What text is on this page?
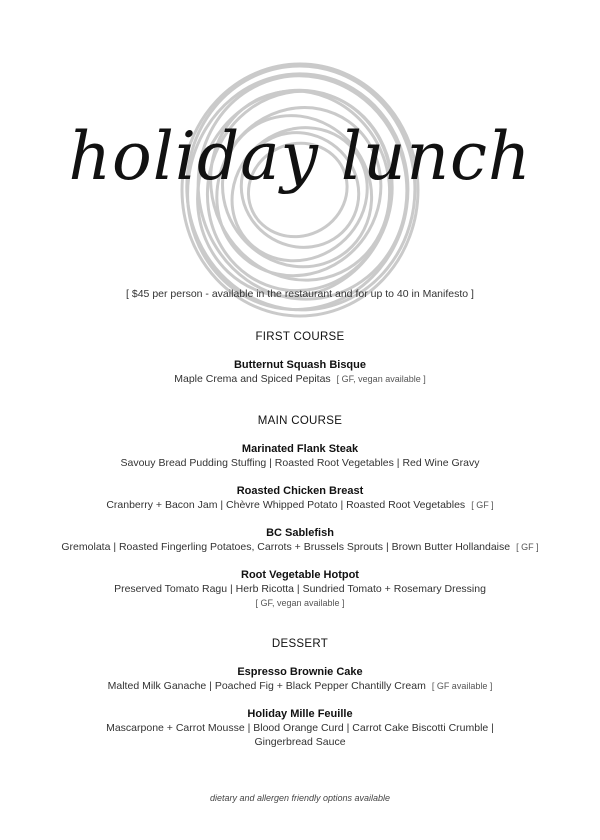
holiday lunch
[ $45 per person - available in the restaurant and for up to 40 in Manifesto ]
FIRST COURSE
Butternut Squash Bisque
Maple Crema and Spiced Pepitas [ GF, vegan available ]
MAIN COURSE
Marinated Flank Steak
Savouy Bread Pudding Stuffing | Roasted Root Vegetables | Red Wine Gravy
Roasted Chicken Breast
Cranberry + Bacon Jam | Chèvre Whipped Potato | Roasted Root Vegetables [ GF ]
BC Sablefish
Gremolata | Roasted Fingerling Potatoes, Carrots + Brussels Sprouts | Brown Butter Hollandaise [ GF ]
Root Vegetable Hotpot
Preserved Tomato Ragu | Herb Ricotta | Sundried Tomato + Rosemary Dressing
[ GF, vegan available ]
DESSERT
Espresso Brownie Cake
Malted Milk Ganache | Poached Fig + Black Pepper Chantilly Cream [ GF available ]
Holiday Mille Feuille
Mascarpone + Carrot Mousse | Blood Orange Curd | Carrot Cake Biscotti Crumble |
Gingerbread Sauce
dietary and allergen friendly options available
